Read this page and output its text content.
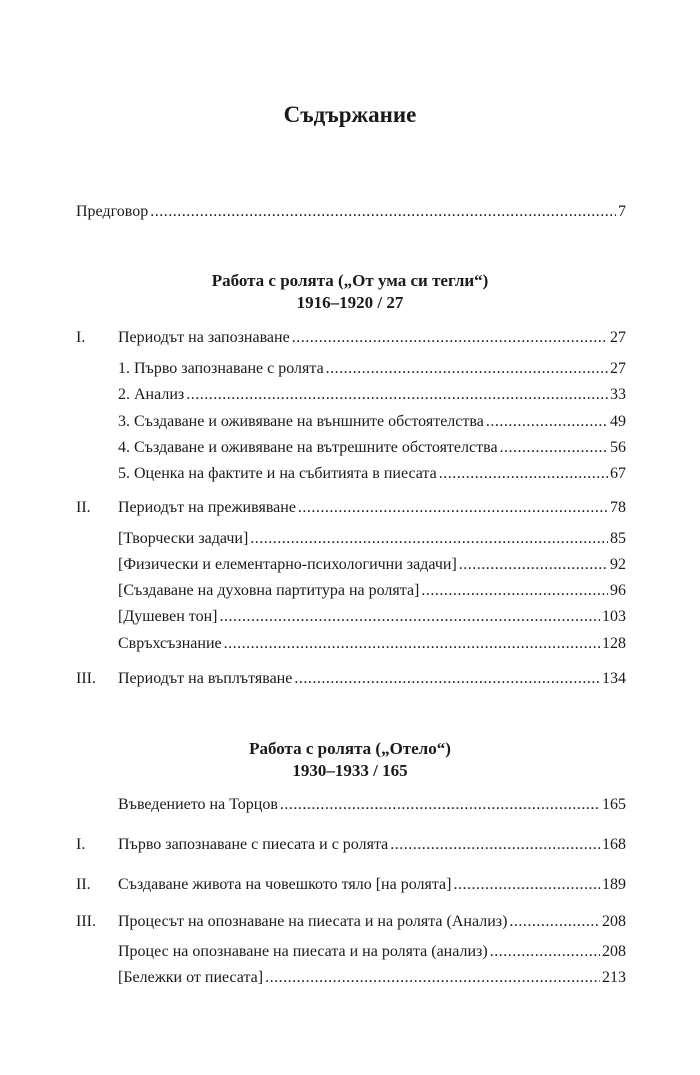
Съдържание
Предговор .....	7
Работа с ролята („От ума си тегли“)
1916–1920 / 27
I.	Периодът на запознаване .....	27
1. Първо запознаване с ролята .....	27
2. Анализ .....	33
3. Създаване и оживяване на външните обстоятелства .....	49
4. Създаване и оживяване на вътрешните обстоятелства .....	56
5. Оценка на фактите и на събитията в пиесата .....	67
II.	Периодът на преживяване .....	78
[Творчески задачи] .....	85
[Физически и елементарно-психологични задачи] .....	92
[Създаване на духовна партитура на ролята] .....	96
[Душевен тон] .....	103
Свръхсъзнание .....	128
III.	Периодът на въплътяване .....	134
Работа с ролята („Отело“)
1930–1933 / 165
Въведението на Торцов .....	165
I.	Първо запознаване с пиесата и с ролята .....	168
II.	Създаване живота на човешкото тяло [на ролята] .....	189
III.	Процесът на опознаване на пиесата и на ролята (Анализ) .....	208
Процес на опознаване на пиесата и на ролята (анализ) .....	208
[Бележки от пиесата] .....	213
